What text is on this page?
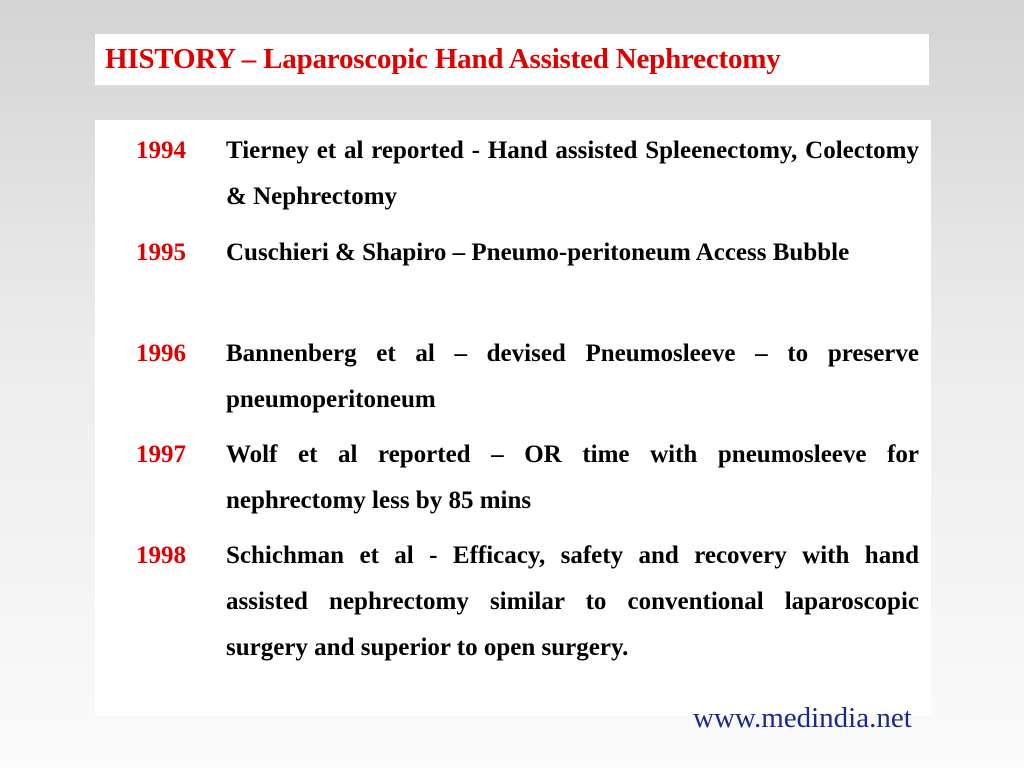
HISTORY – Laparoscopic Hand Assisted Nephrectomy
1994	Tierney et al reported - Hand assisted Spleenectomy, Colectomy & Nephrectomy
1995	Cuschieri & Shapiro – Pneumo-peritoneum Access Bubble
1996	Bannenberg et al – devised Pneumosleeve – to preserve pneumoperitoneum
1997	Wolf et al reported – OR time with pneumosleeve for nephrectomy less by 85 mins
1998	Schichman et al - Efficacy, safety and recovery with hand assisted nephrectomy similar to conventional laparoscopic surgery and superior to open surgery.
www.medindia.net
